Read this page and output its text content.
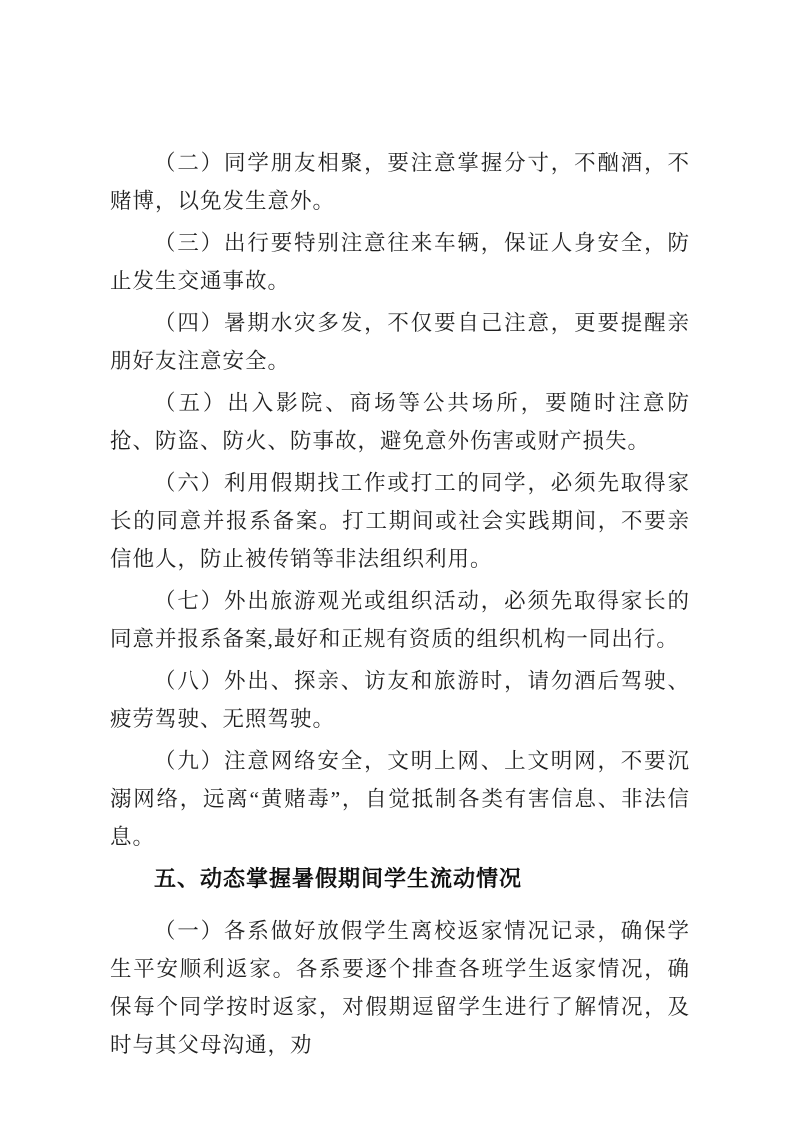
（二）同学朋友相聚，要注意掌握分寸，不酗酒，不赌博，以免发生意外。

（三）出行要特别注意往来车辆，保证人身安全，防止发生交通事故。

（四）暑期水灾多发，不仅要自己注意，更要提醒亲朋好友注意安全。

（五）出入影院、商场等公共场所，要随时注意防抢、防盗、防火、防事故，避免意外伤害或财产损失。

（六）利用假期找工作或打工的同学，必须先取得家长的同意并报系备案。打工期间或社会实践期间，不要亲信他人，防止被传销等非法组织利用。

（七）外出旅游观光或组织活动，必须先取得家长的同意并报系备案,最好和正规有资质的组织机构一同出行。

（八）外出、探亲、访友和旅游时，请勿酒后驾驶、疲劳驾驶、无照驾驶。

（九）注意网络安全，文明上网、上文明网，不要沉溺网络，远离“黄赌毒”，自觉抵制各类有害信息、非法信息。

五、动态掌握暑假期间学生流动情况

（一）各系做好放假学生离校返家情况记录，确保学生平安顺利返家。各系要逐个排查各班学生返家情况，确保每个同学按时返家，对假期逗留学生进行了解情况，及时与其父母沟通，劝
